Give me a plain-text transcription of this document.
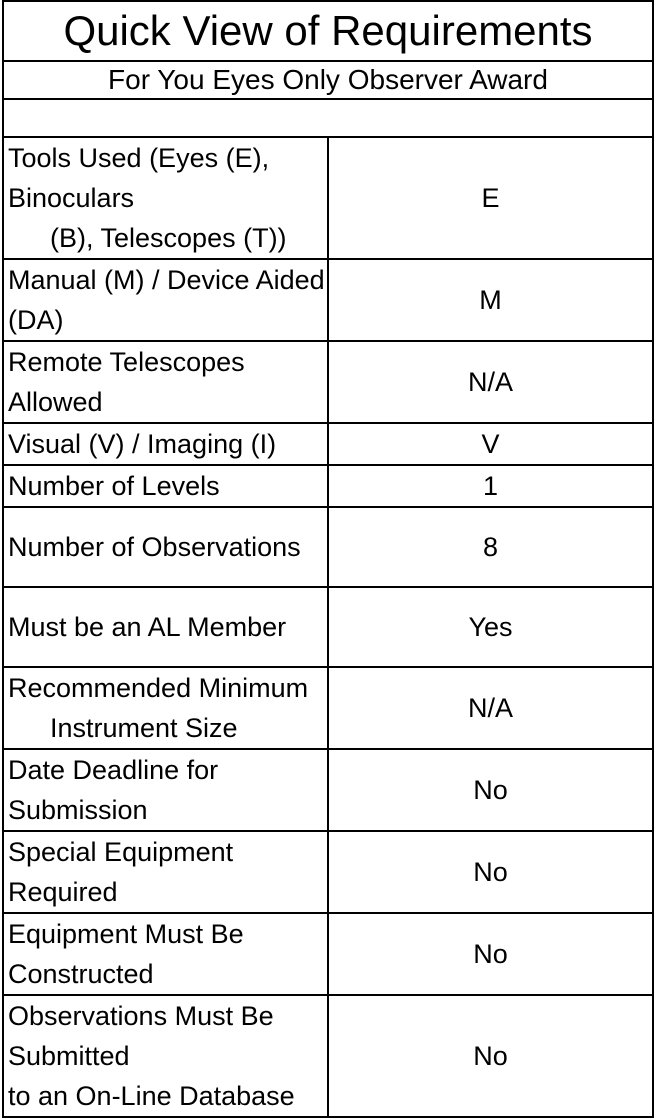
Quick View of Requirements	
For You Eyes Only Observer Award	

Tools Used (Eyes (E), Binoculars
(B), Telescopes (T))	E
Manual (M) / Device Aided (DA)	M
Remote Telescopes Allowed	N/A
Visual (V) / Imaging (I)	V
Number of Levels	1
Number of Observations	8
Must be an AL Member	Yes

Recommended Minimum
Instrument Size	N/A
Date Deadline for Submission	No
Special Equipment Required	No
Equipment Must Be Constructed	No

Observations Must Be Submitted
to an On-Line Database	No
